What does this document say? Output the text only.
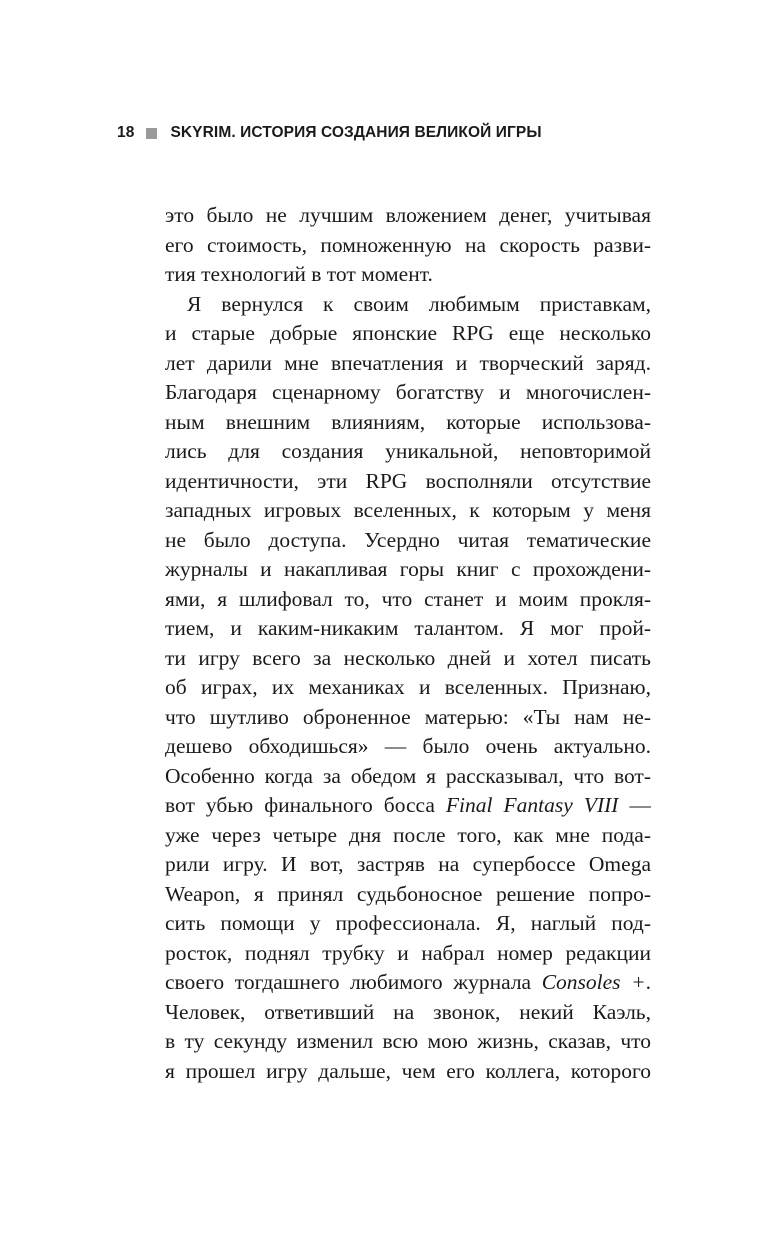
18 SKYRIM. ИСТОРИЯ СОЗДАНИЯ ВЕЛИКОЙ ИГРЫ
это было не лучшим вложением денег, учитывая
его стоимость, помноженную на скорость разви-
тия технологий в тот момент.
Я вернулся к своим любимым приставкам,
и старые добрые японские RPG еще несколько
лет дарили мне впечатления и творческий заряд.
Благодаря сценарному богатству и многочислен-
ным внешним влияниям, которые использова-
лись для создания уникальной, неповторимой
идентичности, эти RPG восполняли отсутствие
западных игровых вселенных, к которым у меня
не было доступа. Усердно читая тематические
журналы и накапливая горы книг с прохождени-
ями, я шлифовал то, что станет и моим прокля-
тием, и каким-никаким талантом. Я мог прой-
ти игру всего за несколько дней и хотел писать
об играх, их механиках и вселенных. Признаю,
что шутливо оброненное матерью: «Ты нам не-
дешево обходишься» — было очень актуально.
Особенно когда за обедом я рассказывал, что вот-
вот убью финального босса Final Fantasy VIII —
уже через четыре дня после того, как мне пода-
рили игру. И вот, застряв на супербоссе Omega
Weapon, я принял судьбоносное решение попро-
сить помощи у профессионала. Я, наглый под-
росток, поднял трубку и набрал номер редакции
своего тогдашнего любимого журнала Consoles +.
Человек, ответивший на звонок, некий Каэль,
в ту секунду изменил всю мою жизнь, сказав, что
я прошел игру дальше, чем его коллега, которого
